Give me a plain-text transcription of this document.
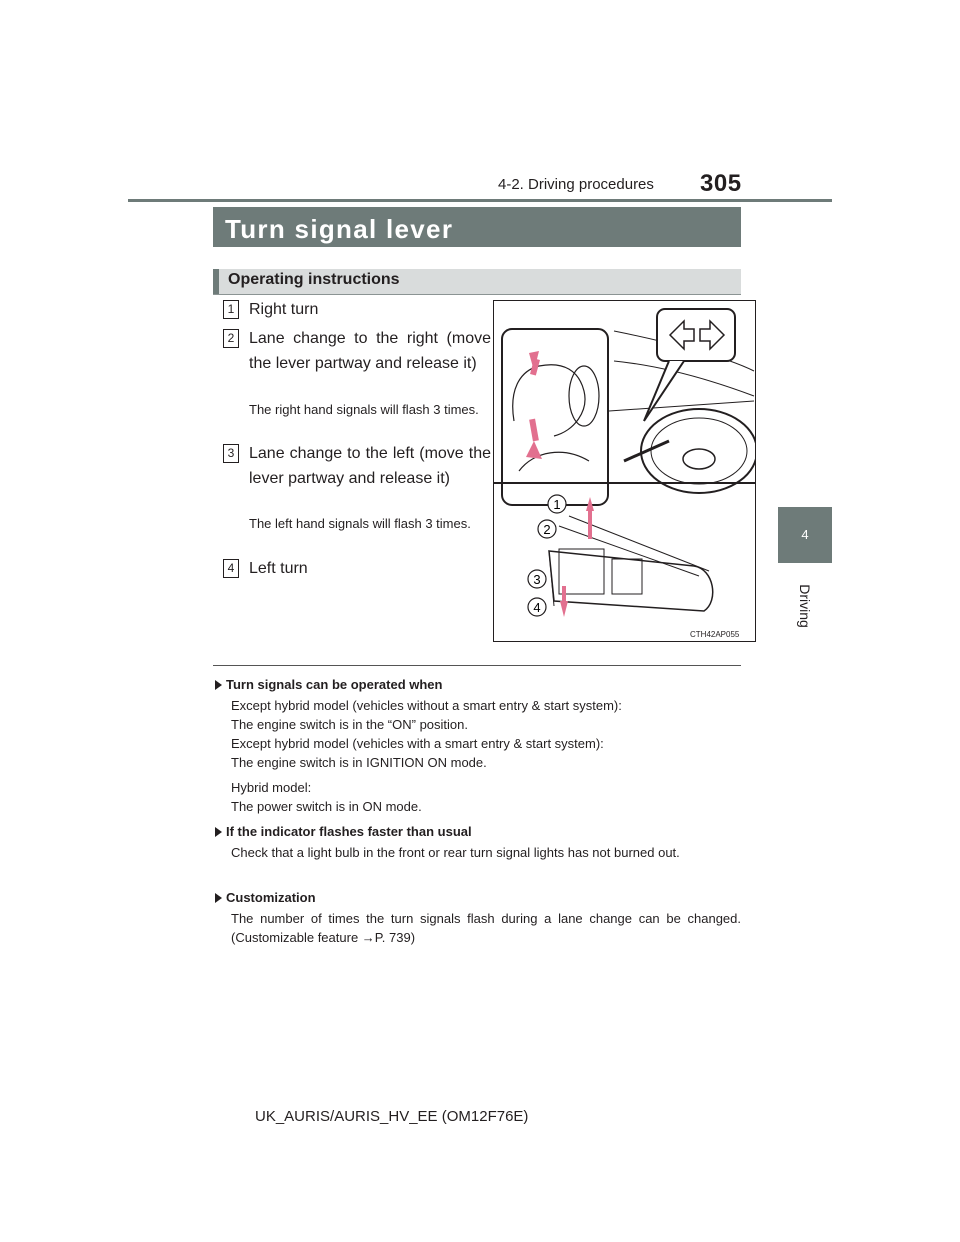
4-2. Driving procedures 305
4
Driving
Turn signal lever
Operating instructions
1 Right turn
2 Lane change to the right (move the lever partway and release it)
The right hand signals will flash 3 times.
3 Lane change to the left (move the lever partway and release it)
The left hand signals will flash 3 times.
4 Left turn
1
2
3
4
CTH42AP055
Turn signals can be operated when
Except hybrid model (vehicles without a smart entry & start system):
The engine switch is in the “ON” position.
Except hybrid model (vehicles with a smart entry & start system):
The engine switch is in IGNITION ON mode.
Hybrid model:
The power switch is in ON mode.
If the indicator flashes faster than usual
Check that a light bulb in the front or rear turn signal lights has not burned out.
Customization
The number of times the turn signals flash during a lane change can be changed. (Customizable feature →P. 739)
UK_AURIS/AURIS_HV_EE (OM12F76E)
